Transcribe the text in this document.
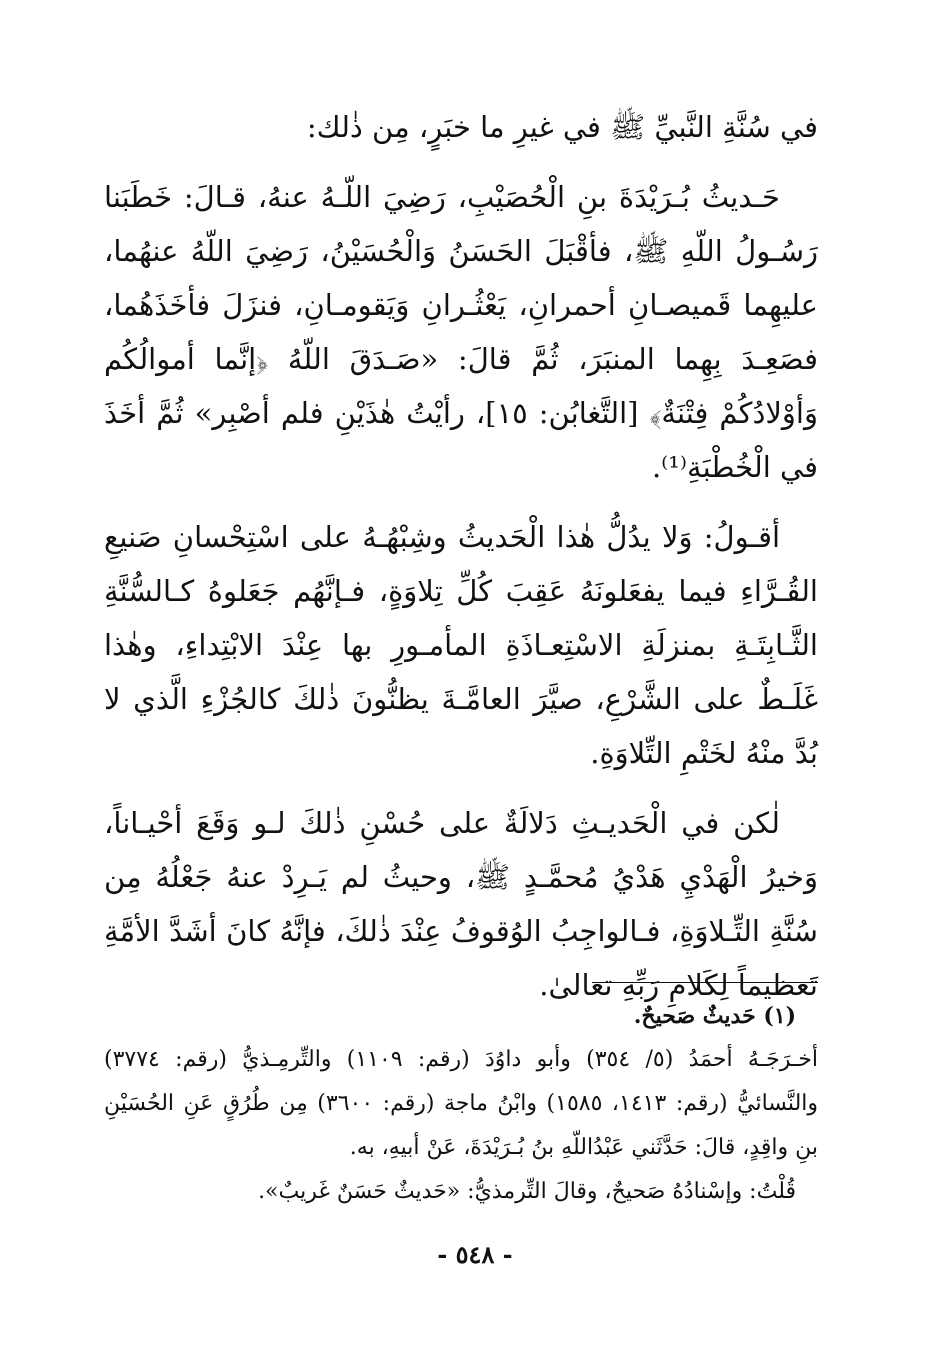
في سُنَّةِ النَّبيِّ ﷺ في غيرِ ما خبَرٍ، مِن ذٰلك:

حَـديثُ بُـرَيْدَةَ بنِ الْحُصَيْبِ، رَضِيَ اللّـهُ عنهُ، قـالَ: خَطَبَنا رَسُـولُ اللّهِ ﷺ، فأقْبَلَ الحَسَنُ وَالْحُسَيْنُ، رَضِيَ اللّهُ عنهُما، عليهِما قَميصـانِ أحمرانِ، يَعْثُـرانِ وَيَقومـانِ، فنزَلَ فأخَذَهُما، فصَعِـدَ بِهِما المنبَرَ، ثُمَّ قالَ: «صَـدَقَ اللّهُ ﴿إنَّما أموالُكُم وَأوْلادُكُمْ فِتْنَةٌ﴾ [التَّغابُن: ١٥]، رأيْتُ هٰذَيْنِ فلم أصْبِر» ثُمَّ أخَذَ في الْخُطْبَةِ⁽¹⁾.

أقـولُ: وَلا يدُلُّ هٰذا الْحَديثُ وشِبْهُـهُ على اسْتِحْسانِ صَنيعِ القُـرَّاءِ فيما يفعَلونَهُ عَقِبَ كُلِّ تِلاوَةٍ، فـإنَّهُم جَعَلوهُ كـالسُّنَّةِ الثَّـابِتَـةِ بمنزلَةِ الاسْتِعـاذَةِ المأمـورِ بها عِنْدَ الابْتِداءِ، وهٰذا غَلَـطٌ على الشَّرْعِ، صيَّرَ العامَّـةَ يظنُّونَ ذٰلكَ كالجُزْءِ الَّذي لا بُدَّ منْهُ لخَتْمِ التِّلاوَةِ.

لٰكن في الْحَديـثِ دَلالَةٌ على حُسْنِ ذٰلكَ لـو وَقَعَ أحْيـاناً، وَخيرُ الْهَدْيِ هَدْيُ مُحمَّـدٍ ﷺ، وحيثُ لم يَـرِدْ عنهُ جَعْلُهُ مِن سُنَّةِ التِّـلاوَةِ، فـالواجِبُ الوُقوفُ عِنْدَ ذٰلكَ، فإنَّهُ كانَ أشَدَّ الأمَّةِ تَعظيماً لِكَلامِ رَبِّهِ تعالىٰ.

(١) حَديثٌ صَحيحٌ.

أخـرَجَـهُ أحمَدُ (٥/ ٣٥٤) وأبو داوُدَ (رقم: ١١٠٩) والتِّرمِـذيُّ (رقم: ٣٧٧٤) والنَّسائيُّ (رقم: ١٤١٣، ١٥٨٥) وابْنُ ماجة (رقم: ٣٦٠٠) مِن طُرُقٍ عَنِ الحُسَيْنِ بنِ واقِدٍ، قالَ: حَدَّثَني عَبْدُاللّهِ بنُ بُـرَيْدَةَ، عَنْ أبيهِ، به.

قُلْتُ: وإسْنادُهُ صَحيحٌ، وقالَ التِّرمذيُّ: «حَديثٌ حَسَنٌ غَريبٌ».

- ٥٤٨ -
